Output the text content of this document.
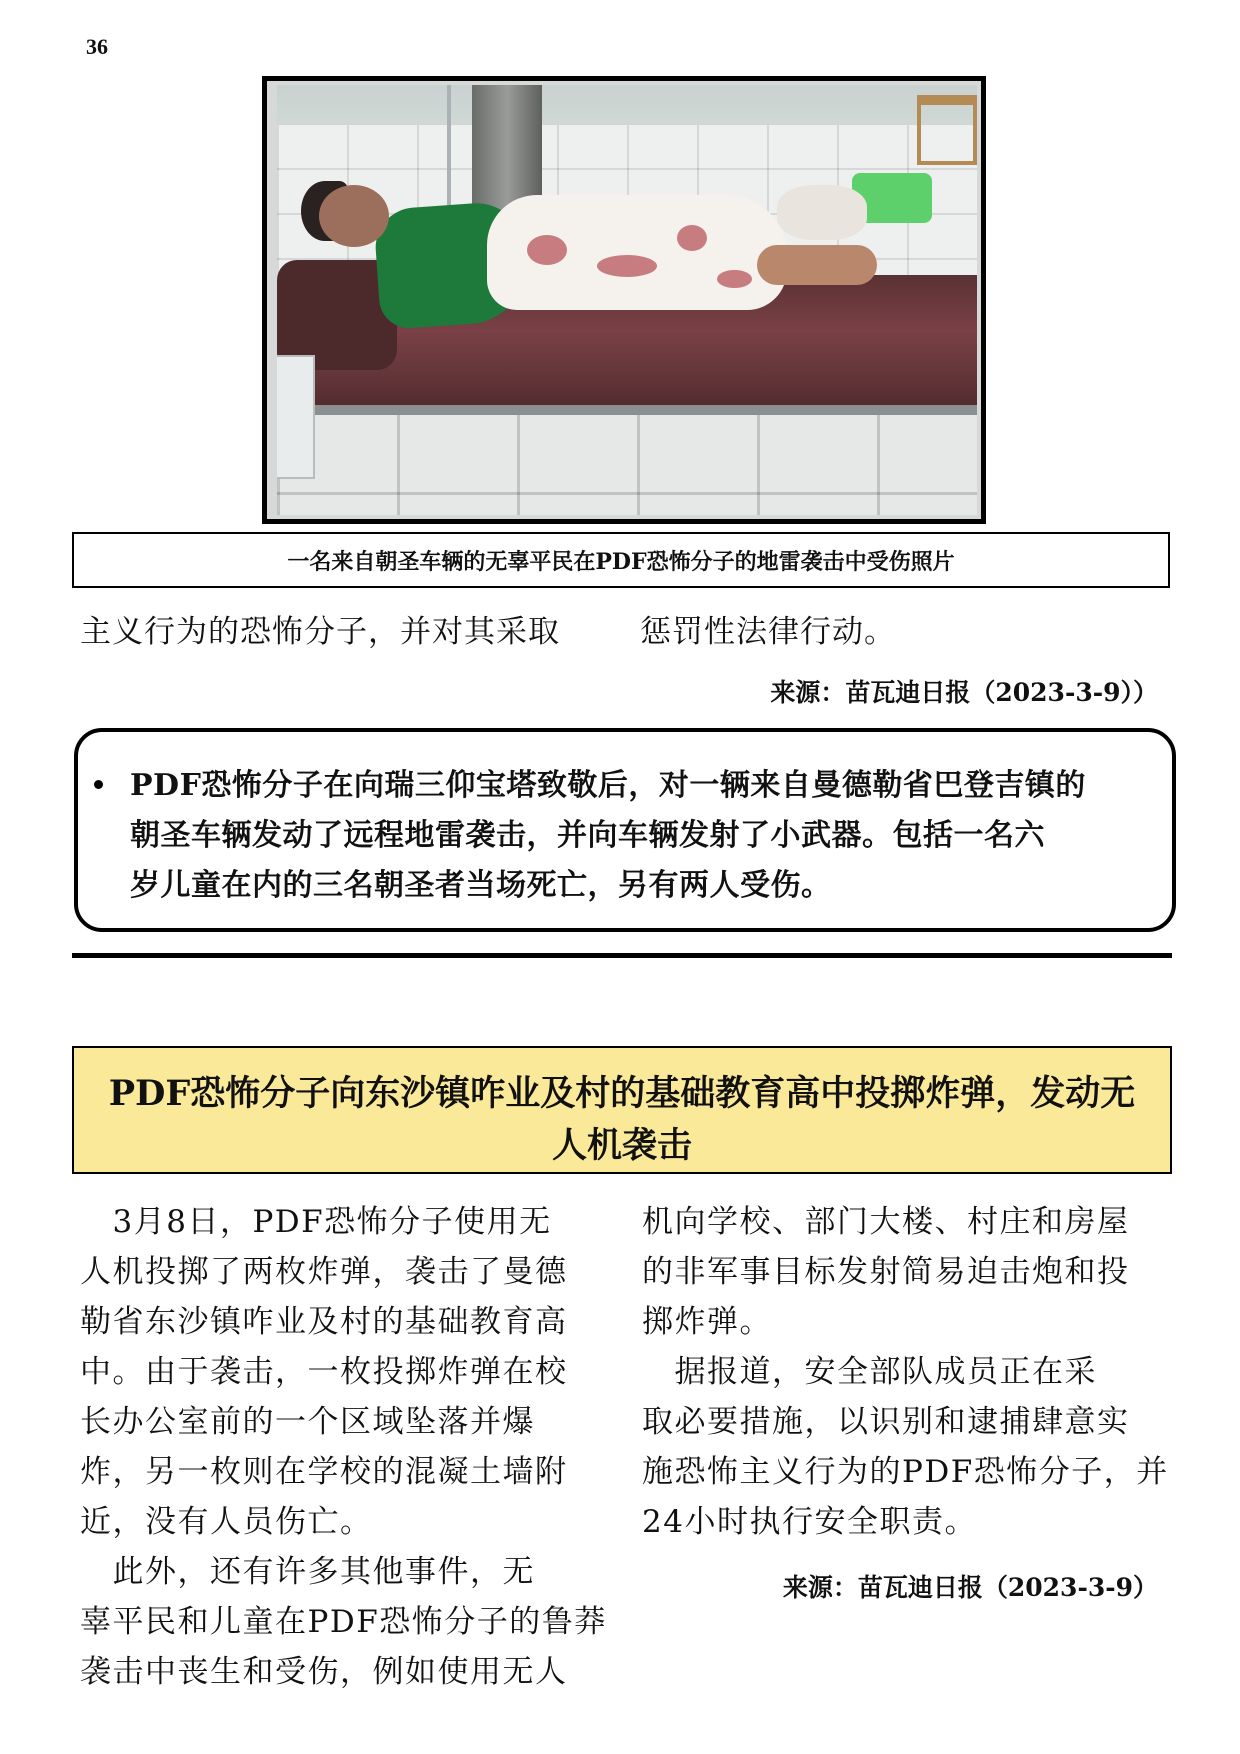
36
一名来自朝圣车辆的无辜平民在PDF恐怖分子的地雷袭击中受伤照片
主义行为的恐怖分子，并对其采取	惩罚性法律行动。
来源：苗瓦迪日报（2023-3-9））
PDF恐怖分子在向瑞三仰宝塔致敬后，对一辆来自曼德勒省巴登吉镇的
朝圣车辆发动了远程地雷袭击，并向车辆发射了小武器。包括一名六
岁儿童在内的三名朝圣者当场死亡，另有两人受伤。
PDF恐怖分子向东沙镇咋业及村的基础教育高中投掷炸弹，发动无
人机袭击
　3月8日，PDF恐怖分子使用无
人机投掷了两枚炸弹，袭击了曼德
勒省东沙镇咋业及村的基础教育高
中。由于袭击，一枚投掷炸弹在校
长办公室前的一个区域坠落并爆
炸，另一枚则在学校的混凝土墙附
近，没有人员伤亡。
　此外，还有许多其他事件，无
辜平民和儿童在PDF恐怖分子的鲁莽
袭击中丧生和受伤，例如使用无人
机向学校、部门大楼、村庄和房屋
的非军事目标发射简易迫击炮和投
掷炸弹。
　据报道，安全部队成员正在采
取必要措施，以识别和逮捕肆意实
施恐怖主义行为的PDF恐怖分子，并
24小时执行安全职责。
来源：苗瓦迪日报（2023-3-9）
